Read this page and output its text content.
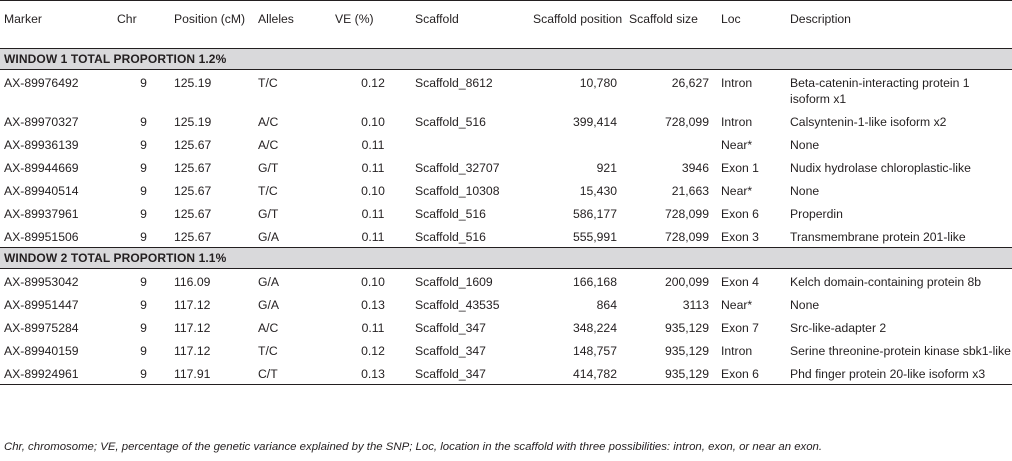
Marker	Chr	Position (cM)	Alleles	VE (%)	Scaffold	Scaffold position	Scaffold size	Loc	Description
WINDOW 1 TOTAL PROPORTION 1.2%									
AX-89976492	9	125.19	T/C	0.12	Scaffold_8612	10,780	26,627	Intron	Beta-catenin-interacting protein 1 isoform x1
AX-89970327	9	125.19	A/C	0.10	Scaffold_516	399,414	728,099	Intron	Calsyntenin-1-like isoform x2
AX-89936139	9	125.67	A/C	0.11				Near*	None
AX-89944669	9	125.67	G/T	0.11	Scaffold_32707	921	3946	Exon 1	Nudix hydrolase chloroplastic-like
AX-89940514	9	125.67	T/C	0.10	Scaffold_10308	15,430	21,663	Near*	None
AX-89937961	9	125.67	G/T	0.11	Scaffold_516	586,177	728,099	Exon 6	Properdin
AX-89951506	9	125.67	G/A	0.11	Scaffold_516	555,991	728,099	Exon 3	Transmembrane protein 201-like
WINDOW 2 TOTAL PROPORTION 1.1%									
AX-89953042	9	116.09	G/A	0.10	Scaffold_1609	166,168	200,099	Exon 4	Kelch domain-containing protein 8b
AX-89951447	9	117.12	G/A	0.13	Scaffold_43535	864	3113	Near*	None
AX-89975284	9	117.12	A/C	0.11	Scaffold_347	348,224	935,129	Exon 7	Src-like-adapter 2
AX-89940159	9	117.12	T/C	0.12	Scaffold_347	148,757	935,129	Intron	Serine threonine-protein kinase sbk1-like
AX-89924961	9	117.91	C/T	0.13	Scaffold_347	414,782	935,129	Exon 6	Phd finger protein 20-like isoform x3
Chr, chromosome; VE, percentage of the genetic variance explained by the SNP; Loc, location in the scaffold with three possibilities: intron, exon, or near an exon.
